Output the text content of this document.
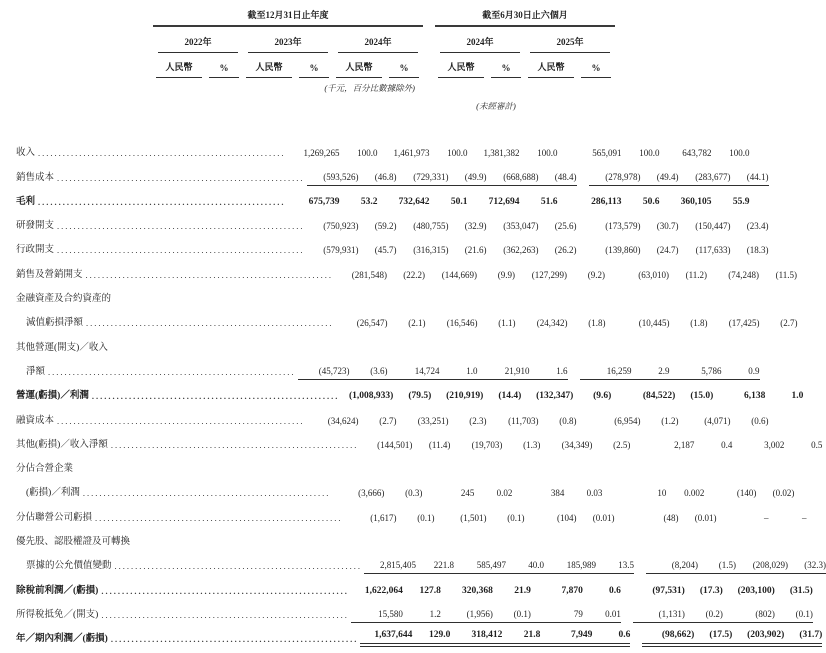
截至12月31日止年度	截至6月30日止六個月
2022年	2023年	2024年	2024年	2025年
人民幣	%	人民幣	%	人民幣	%	人民幣	%	人民幣	%
(千元，百分比數據除外)
(未經審計)
收入 ............................................................	1,269,265	100.0	1,461,973	100.0	1,381,382	100.0	565,091	100.0	643,782	100.0
銷售成本 ............................................................	(593,526)	(46.8)	(729,331)	(49.9)	(668,688)	(48.4)	(278,978)	(49.4)	(283,677)	(44.1)
毛利 ............................................................	675,739	53.2	732,642	50.1	712,694	51.6	286,113	50.6	360,105	55.9
研發開支 ............................................................	(750,923)	(59.2)	(480,755)	(32.9)	(353,047)	(25.6)	(173,579)	(30.7)	(150,447)	(23.4)
行政開支 ............................................................	(579,931)	(45.7)	(316,315)	(21.6)	(362,263)	(26.2)	(139,860)	(24.7)	(117,633)	(18.3)
銷售及營銷開支 ............................................................	(281,548)	(22.2)	(144,669)	(9.9)	(127,299)	(9.2)	(63,010)	(11.2)	(74,248)	(11.5)
金融資產及合約資產的
減值虧損淨額 ............................................................	(26,547)	(2.1)	(16,546)	(1.1)	(24,342)	(1.8)	(10,445)	(1.8)	(17,425)	(2.7)
其他營運(開支)／收入
淨額 ............................................................	(45,723)	(3.6)	14,724	1.0	21,910	1.6	16,259	2.9	5,786	0.9
營運(虧損)／利潤 ............................................................	(1,008,933)	(79.5)	(210,919)	(14.4)	(132,347)	(9.6)	(84,522)	(15.0)	6,138	1.0
融資成本 ............................................................	(34,624)	(2.7)	(33,251)	(2.3)	(11,703)	(0.8)	(6,954)	(1.2)	(4,071)	(0.6)
其他(虧損)／收入淨額 ............................................................	(144,501)	(11.4)	(19,703)	(1.3)	(34,349)	(2.5)	2,187	0.4	3,002	0.5
分佔合營企業
(虧損)／利潤 ............................................................	(3,666)	(0.3)	245	0.02	384	0.03	10	0.002	(140)	(0.02)
分佔聯營公司虧損 ............................................................	(1,617)	(0.1)	(1,501)	(0.1)	(104)	(0.01)	(48)	(0.01)	–	–
優先股、認股權證及可轉換
票據的公允價值變動 ............................................................	2,815,405	221.8	585,497	40.0	185,989	13.5	(8,204)	(1.5)	(208,029)	(32.3)
除稅前利潤／(虧損) ............................................................	1,622,064	127.8	320,368	21.9	7,870	0.6	(97,531)	(17.3)	(203,100)	(31.5)
所得稅抵免／(開支) ............................................................	15,580	1.2	(1,956)	(0.1)	79	0.01	(1,131)	(0.2)	(802)	(0.1)
年／期內利潤／(虧損) ............................................................	1,637,644	129.0	318,412	21.8	7,949	0.6	(98,662)	(17.5)	(203,902)	(31.7)
